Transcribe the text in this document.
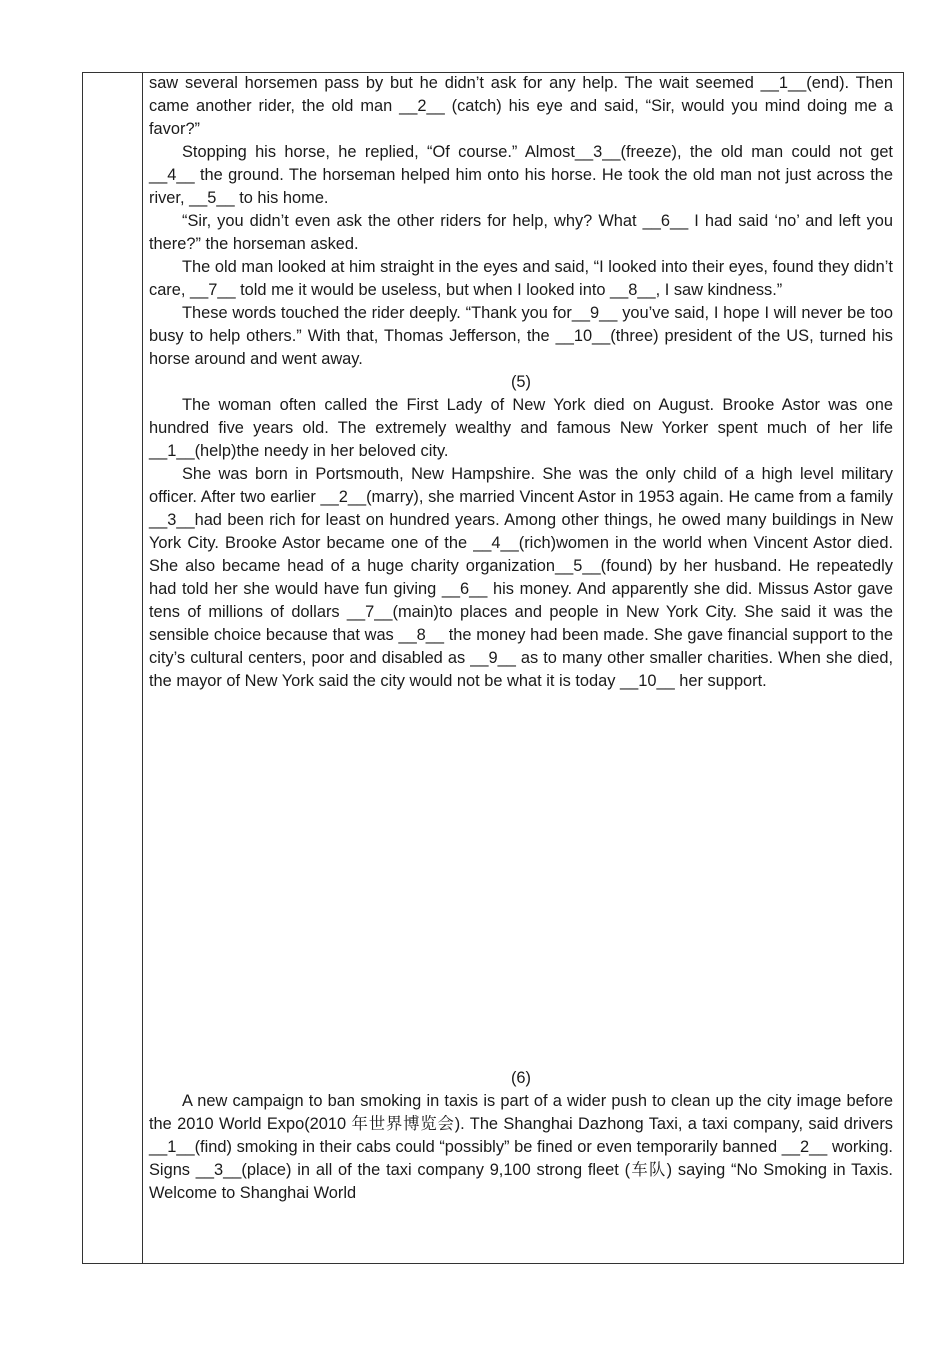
saw several horsemen pass by but he didn’t ask for any help. The wait seemed __1__(end). Then came another rider, the old man __2__ (catch) his eye and said, “Sir, would you mind doing me a favor?”

Stopping his horse, he replied, “Of course.” Almost__3__(freeze), the old man could not get __4__ the ground. The horseman helped him onto his horse. He took the old man not just across the river, __5__ to his home.

“Sir, you didn’t even ask the other riders for help, why? What __6__ I had said ‘no’ and left you there?” the horseman asked.

The old man looked at him straight in the eyes and said, “I looked into their eyes, found they didn’t care, __7__ told me it would be useless, but when I looked into __8__, I saw kindness.”

These words touched the rider deeply. “Thank you for__9__ you’ve said, I hope I will never be too busy to help others.” With that, Thomas Jefferson, the __10__(three) president of the US, turned his horse around and went away.

(5)

The woman often called the First Lady of New York died on August. Brooke Astor was one hundred five years old. The extremely wealthy and famous New Yorker spent much of her life __1__(help)the needy in her beloved city.

She was born in Portsmouth, New Hampshire. She was the only child of a high level military officer. After two earlier __2__(marry), she married Vincent Astor in 1953 again. He came from a family __3__had been rich for least on hundred years. Among other things, he owed many buildings in New York City. Brooke Astor became one of the __4__(rich)women in the world when Vincent Astor died. She also became head of a huge charity organization__5__(found) by her husband. He repeatedly had told her she would have fun giving __6__ his money. And apparently she did. Missus Astor gave tens of millions of dollars __7__(main)to places and people in New York City. She said it was the sensible choice because that was __8__ the money had been made. She gave financial support to the city’s cultural centers, poor and disabled as __9__ as to many other smaller charities. When she died, the mayor of New York said the city would not be what it is today __10__ her support.

(6)

A new campaign to ban smoking in taxis is part of a wider push to clean up the city image before the 2010 World Expo(2010 年世界博览会). The Shanghai Dazhong Taxi, a taxi company, said drivers __1__(find) smoking in their cabs could “possibly” be fined or even temporarily banned __2__ working. Signs __3__(place) in all of the taxi company 9,100 strong fleet (车队) saying “No Smoking in Taxis. Welcome to Shanghai World
